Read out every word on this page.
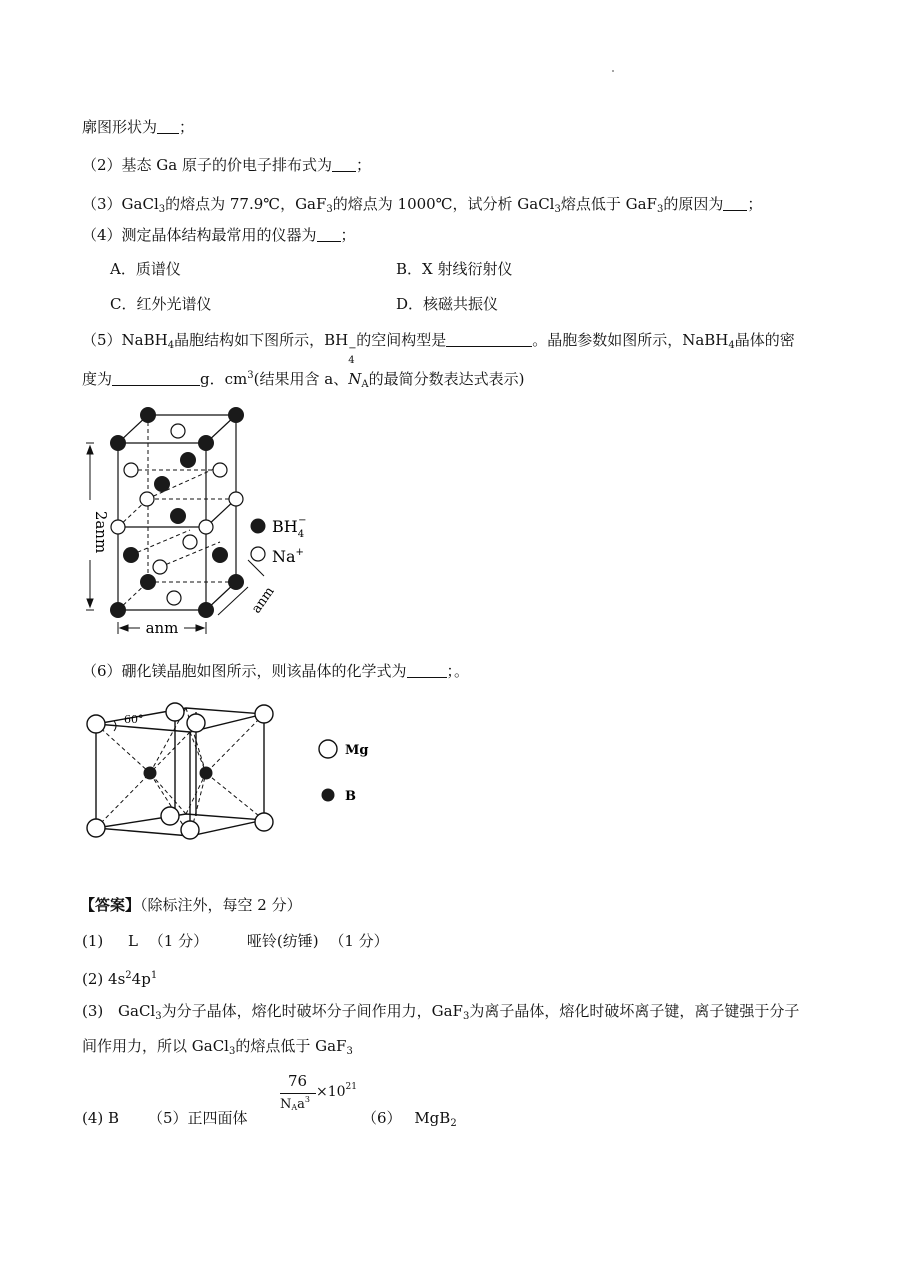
廓图形状为 ；
（2）基态 Ga 原子的价电子排布式为 ；
（3）GaCl$_3$的熔点为 77.9℃，GaF$_3$的熔点为 1000℃，试分析 GaCl$_3$熔点低于 GaF$_3$的原因为 ；
（4）测定晶体结构最常用的仪器为 ；
A．质谱仪	B．X 射线衍射仪
C．红外光谱仪	D．核磁共振仪
（5）NaBH$_4$晶胞结构如下图所示，BH
4
− 的空间构型是	。晶胞参数如图所示，NaBH$_4$晶体的密
度为	g．$cm^3$(结果用含 a、$N_A$的最简分数表达式表示)
2anm
anm
anm
$BH_4-$
Na+
（6）硼化镁晶胞如图所示，则该晶体的化学式为	；。
60°
Mg
B
【答案】（除标注外，每空 2 分）
(1) L （1 分）	哑铃(纺锤) （1 分）
(2) $4s^24p^1$
(3) GaCl$_3$为分子晶体，熔化时破坏分子间作用力，GaF$_3$为离子晶体，熔化时破坏离子键，离子键强于分子
间作用力，所以 GaCl$_3$的熔点低于 GaF$_3$
(4) B （5）正四面体
76
$NAa^3 \times 10^{21}$
（6） MgB$_2$
